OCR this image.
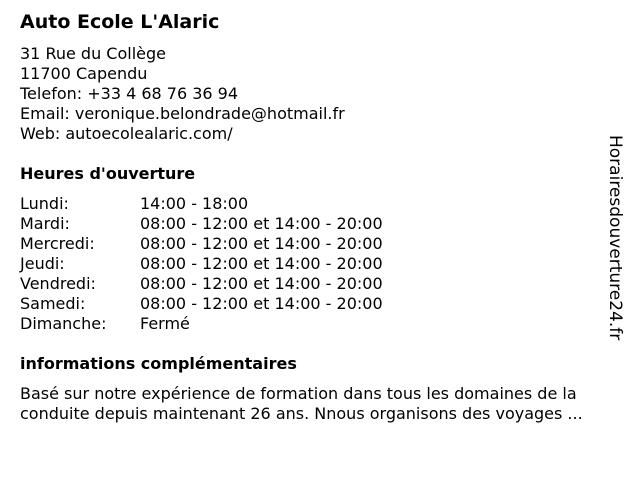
Auto Ecole L'Alaric
31 Rue du Collège
11700 Capendu
Telefon: +33 4 68 76 36 94
Email: veronique.belondrade@hotmail.fr
Web: autoecolealaric.com/
Heures d'ouverture
Lundi:	14:00 - 18:00
Mardi:	08:00 - 12:00 et 14:00 - 20:00
Mercredi:	08:00 - 12:00 et 14:00 - 20:00
Jeudi:	08:00 - 12:00 et 14:00 - 20:00
Vendredi:	08:00 - 12:00 et 14:00 - 20:00
Samedi:	08:00 - 12:00 et 14:00 - 20:00
Dimanche:	Fermé
informations complémentaires
Basé sur notre expérience de formation dans tous les domaines de la
conduite depuis maintenant 26 ans. Nnous organisons des voyages ...
Horairesdouverture24.fr
